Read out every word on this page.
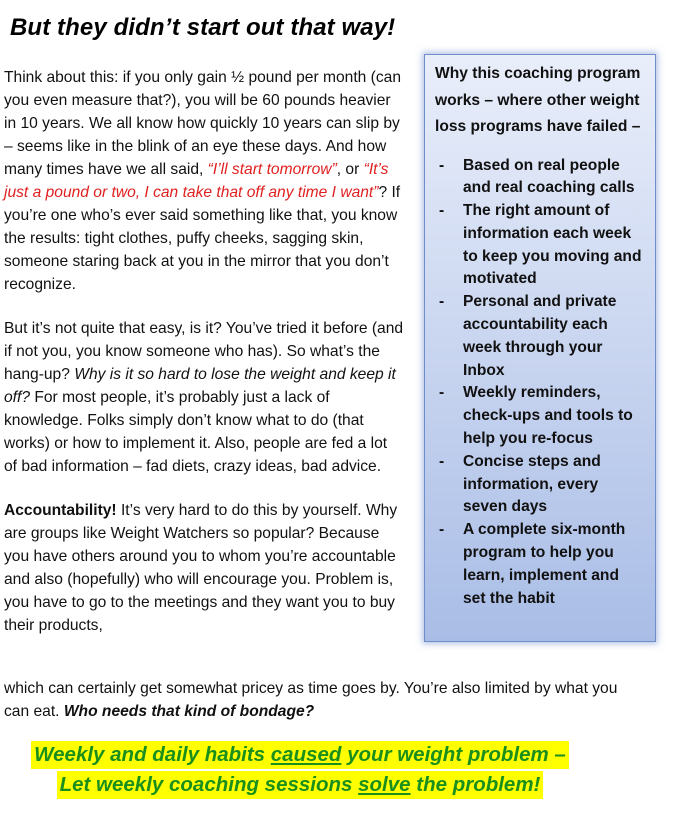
But they didn’t start out that way!

Think about this: if you only gain ½ pound per month (can you even measure that?), you will be 60 pounds heavier in 10 years. We all know how quickly 10 years can slip by – seems like in the blink of an eye these days. And how many times have we all said, “I’ll start tomorrow”, or “It’s just a pound or two, I can take that off any time I want”? If you’re one who’s ever said something like that, you know the results: tight clothes, puffy cheeks, sagging skin, someone staring back at you in the mirror that you don’t recognize.

But it’s not quite that easy, is it? You’ve tried it before (and if not you, you know someone who has). So what’s the hang-up? Why is it so hard to lose the weight and keep it off? For most people, it’s probably just a lack of knowledge. Folks simply don’t know what to do (that works) or how to implement it. Also, people are fed a lot of bad information – fad diets, crazy ideas, bad advice.

Accountability! It’s very hard to do this by yourself. Why are groups like Weight Watchers so popular? Because you have others around you to whom you’re accountable and also (hopefully) who will encourage you. Problem is, you have to go to the meetings and they want you to buy their products,

which can certainly get somewhat pricey as time goes by. You’re also limited by what you can eat. Who needs that kind of bondage?
Why this coaching program works – where other weight loss programs have failed –
- Based on real people and real coaching calls
- The right amount of information each week to keep you moving and motivated
- Personal and private accountability each week through your Inbox
- Weekly reminders, check-ups and tools to help you re-focus
- Concise steps and information, every seven days
- A complete six-month program to help you learn, implement and set the habit
Weekly and daily habits caused your weight problem –
Let weekly coaching sessions solve the problem!
